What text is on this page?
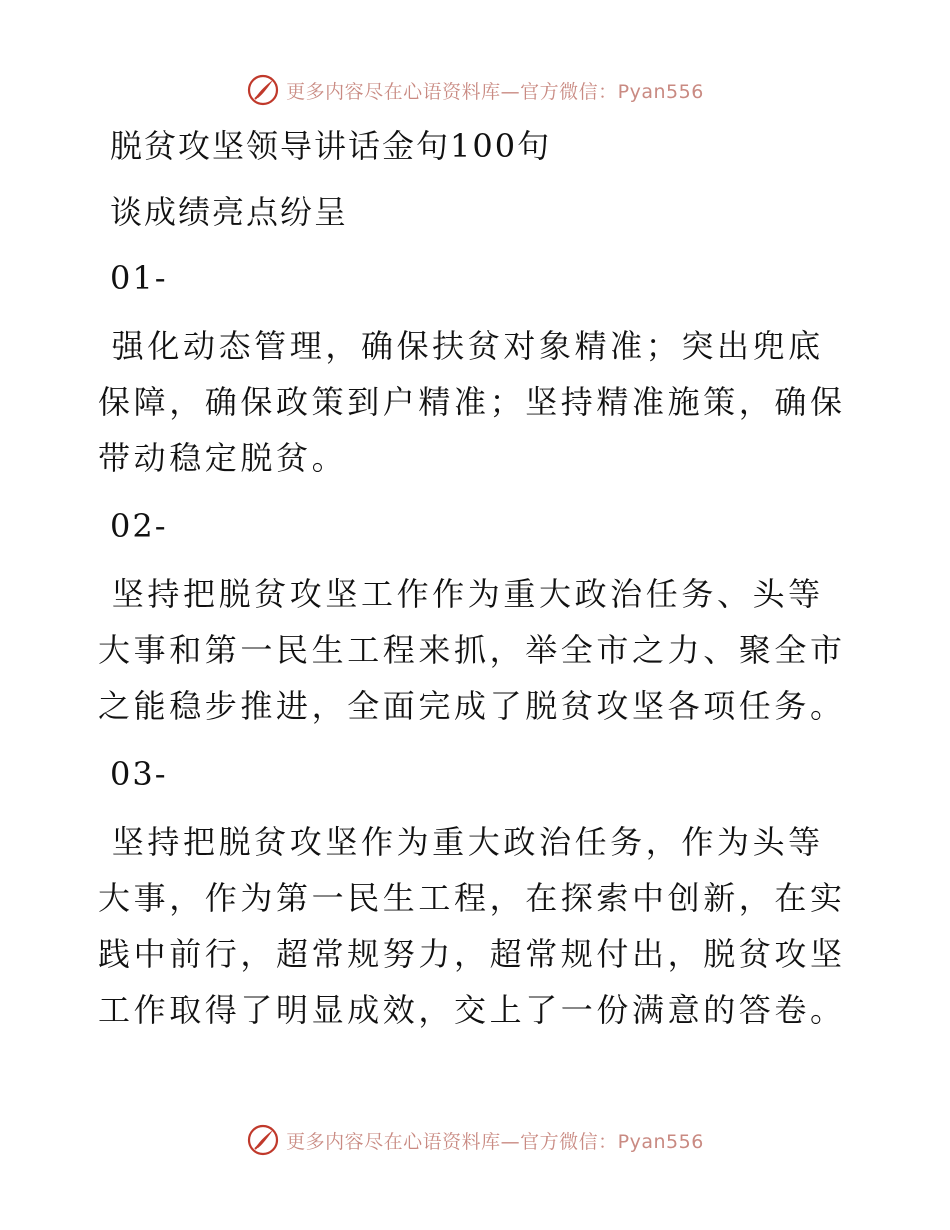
更多内容尽在心语资料库—官方微信：Pyan556
脱贫攻坚领导讲话金句100句
谈成绩亮点纷呈
01-

强化动态管理，确保扶贫对象精准；突出兜底保障，确保政策到户精准；坚持精准施策，确保带动稳定脱贫。

02-

坚持把脱贫攻坚工作作为重大政治任务、头等大事和第一民生工程来抓，举全市之力、聚全市之能稳步推进，全面完成了脱贫攻坚各项任务。

03-

坚持把脱贫攻坚作为重大政治任务，作为头等大事，作为第一民生工程，在探索中创新，在实践中前行，超常规努力，超常规付出，脱贫攻坚工作取得了明显成效，交上了一份满意的答卷。

更多内容尽在心语资料库—官方微信：Pyan556
